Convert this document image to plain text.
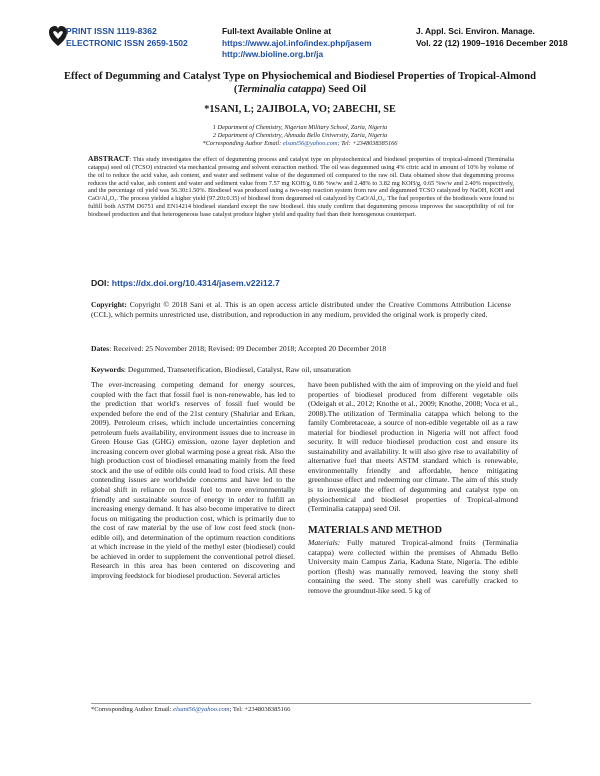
PRINT ISSN 1119-8362
ELECTRONIC ISSN 2659-1502
Full-text Available Online at
https://www.ajol.info/index.php/jasem
http://ww.bioline.org.br/ja
J. Appl. Sci. Environ. Manage.
Vol. 22 (12) 1909–1916 December 2018
Effect of Degumming and Catalyst Type on Physiochemical and Biodiesel Properties of Tropical-Almond (Terminalia catappa) Seed Oil
*1SANI, L; 2AJIBOLA, VO; 2ABECHI, SE
1 Department of Chemistry, Nigerian Military School, Zaria, Nigeria
2 Department of Chemistry, Ahmadu Bello University, Zaria, Nigeria
*Corresponding Author Email: elsani56@yahoo.com; Tel: +2348038385166
ABSTRACT: This study investigates the effect of degumming process and catalyst type on physiochemical and biodiesel properties of tropical-almond (Terminalia catappa) seed oil (TCSO) extracted via mechanical pressing and solvent extraction method. The oil was degummed using 4% citric acid in amount of 10% by volume of the oil to reduce the acid value, ash content, and water and sediment value of the degummed oil compared to the raw oil. Data obtained show that degumming process reduces the acid value, ash content and water and sediment value from 7.57 mg KOH/g, 0.86 %w/w and 2.48% to 3.82 mg KOH/g, 0.65 %w/w and 2.40% respectively, and the percentage oil yield was 56.30±1.50%. Biodiesel was produced using a two-step reaction system from raw and degummed TCSO catalyzed by NaOH, KOH and CaO/Al₂O₃. The process yielded a higher yield (97.20±0.35) of biodiesel from degummed oil catalyzed by CaO/Al₂O₃. The fuel properties of the biodiesels were found to fulfill both ASTM D6751 and EN14214 biodiesel standard except the raw biodiesel. this study confirm that degumming process improves the susceptibility of oil for biodiesel production and that heterogeneous base catalyst produce higher yield and quality fuel than their homogenous counterpart.
DOI: https://dx.doi.org/10.4314/jasem.v22i12.7
Copyright: Copyright © 2018 Sani et al. This is an open access article distributed under the Creative Commons Attribution License (CCL), which permits unrestricted use, distribution, and reproduction in any medium, provided the original work is properly cited.
Dates: Received: 25 November 2018; Revised: 09 December 2018; Accepted 20 December 2018
Keywords: Degummed, Transeterification, Biodiesel, Catalyst, Raw oil, unsaturation

The ever-increasing competing demand for energy sources, coupled with the fact that fossil fuel is non-renewable, has led to the prediction that world's reserves of fossil fuel would be expended before the end of the 21st century (Shahriar and Erkan, 2009). Petroleum crises, which include uncertainties concerning petroleum fuels availability, environment issues due to increase in Green House Gas (GHG) emission, ozone layer depletion and increasing concern over global warming pose a great risk. Also the high production cost of biodiesel emanating mainly from the feed stock and the use of edible oils could lead to food crisis. All these contending issues are worldwide concerns and have led to the global shift in reliance on fossil fuel to more environmentally friendly and sustainable source of energy in order to fulfill an increasing energy demand. It has also become imperative to direct focus on mitigating the production cost, which is primarily due to the cost of raw material by the use of low cost feed stock (non-edible oil), and determination of the optimum reaction conditions at which increase in the yield of the methyl ester (biodiesel) could be achieved in order to supplement the conventional petrol diesel. Research in this area has been centered on discovering and improving feedstock for biodiesel production. Several articles

have been published with the aim of improving on the yield and fuel properties of biodiesel produced from different vegetable oils (Odeigah et al., 2012; Knothe et al., 2009; Knothe, 2008; Voca et al., 2008).The utilization of Terminalia catappa which belong to the family Combretaceae, a source of non-edible vegetable oil as a raw material for biodiesel production in Nigeria will not affect food security. It will reduce biodiesel production cost and ensure its sustainability and availability. It will also give rise to availability of alternative fuel that meets ASTM standard which is renewable, environmentally friendly and affordable, hence mitigating greenhouse effect and redeeming our climate. The aim of this study is to investigate the effect of degumming and catalyst type on physiochemical and biodiesel properties of Tropical-almond (Terminalia catappa) seed Oil.

MATERIALS AND METHOD

Materials: Fully matured Tropical-almond fruits (Terminalia catappa) were collected within the premises of Ahmadu Bello University main Campus Zaria, Kaduna State, Nigeria. The edible portion (flesh) was manually removed, leaving the stony shell containing the seed. The stony shell was carefully cracked to remove the groundnut-like seed. 5 kg of

*Corresponding Author Email: elsani56@yahoo.com; Tel: +2348038385166
